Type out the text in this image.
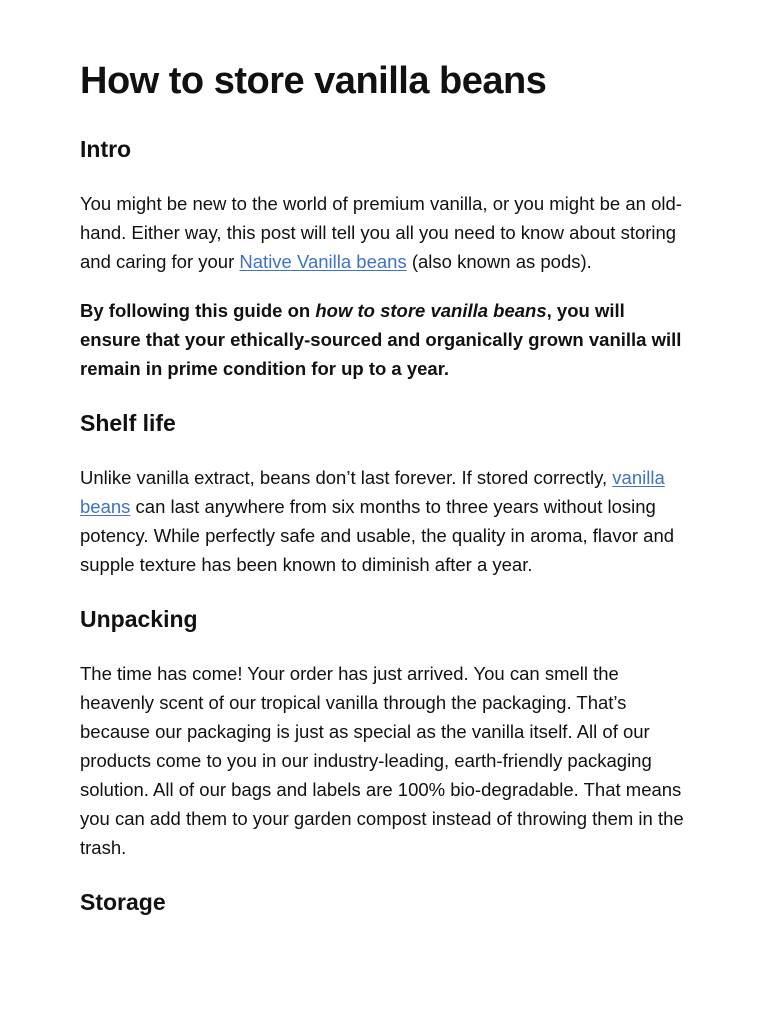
How to store vanilla beans
Intro

You might be new to the world of premium vanilla, or you might be an old-hand. Either way, this post will tell you all you need to know about storing and caring for your Native Vanilla beans (also known as pods).

By following this guide on how to store vanilla beans, you will ensure that your ethically-sourced and organically grown vanilla will remain in prime condition for up to a year.

Shelf life

Unlike vanilla extract, beans don’t last forever. If stored correctly, vanilla beans can last anywhere from six months to three years without losing potency. While perfectly safe and usable, the quality in aroma, flavor and supple texture has been known to diminish after a year.

Unpacking

The time has come! Your order has just arrived. You can smell the heavenly scent of our tropical vanilla through the packaging. That’s because our packaging is just as special as the vanilla itself. All of our products come to you in our industry-leading, earth-friendly packaging solution. All of our bags and labels are 100% bio-degradable. That means you can add them to your garden compost instead of throwing them in the trash.

Storage
